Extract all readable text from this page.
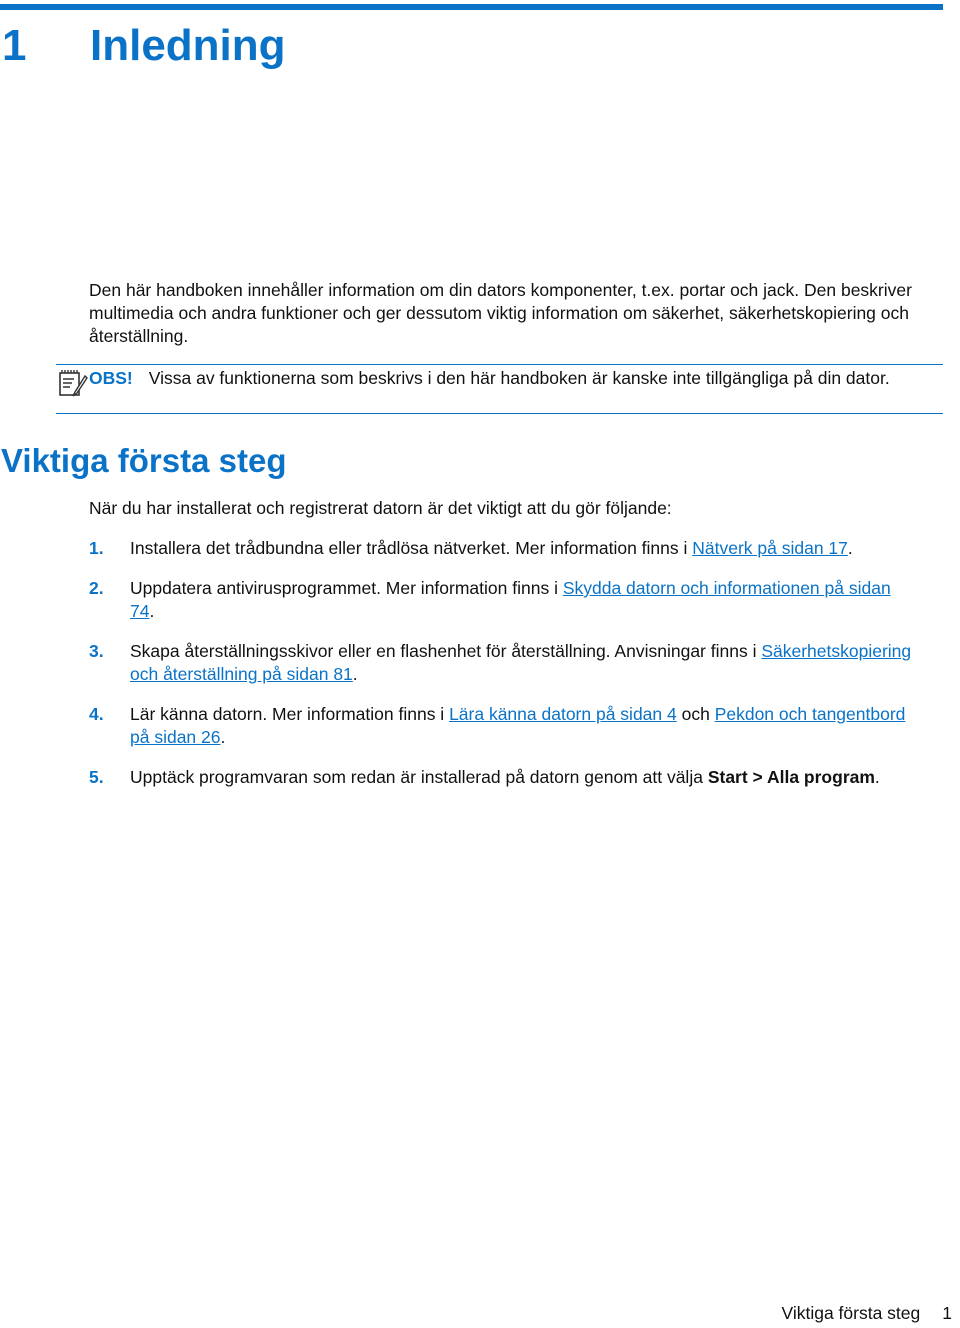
1 Inledning

Den här handboken innehåller information om din dators komponenter, t.ex. portar och jack. Den beskriver multimedia och andra funktioner och ger dessutom viktig information om säkerhet, säkerhetskopiering och återställning.

OBS! Vissa av funktionerna som beskrivs i den här handboken är kanske inte tillgängliga på din dator.

Viktiga första steg

När du har installerat och registrerat datorn är det viktigt att du gör följande:

1. Installera det trådbundna eller trådlösa nätverket. Mer information finns i Nätverk på sidan 17.
2. Uppdatera antivirusprogrammet. Mer information finns i Skydda datorn och informationen på sidan 74.
3. Skapa återställningsskivor eller en flashenhet för återställning. Anvisningar finns i Säkerhetskopiering och återställning på sidan 81.
4. Lär känna datorn. Mer information finns i Lära känna datorn på sidan 4 och Pekdon och tangentbord på sidan 26.
5. Upptäck programvaran som redan är installerad på datorn genom att välja Start > Alla program.
Viktiga första steg 1
